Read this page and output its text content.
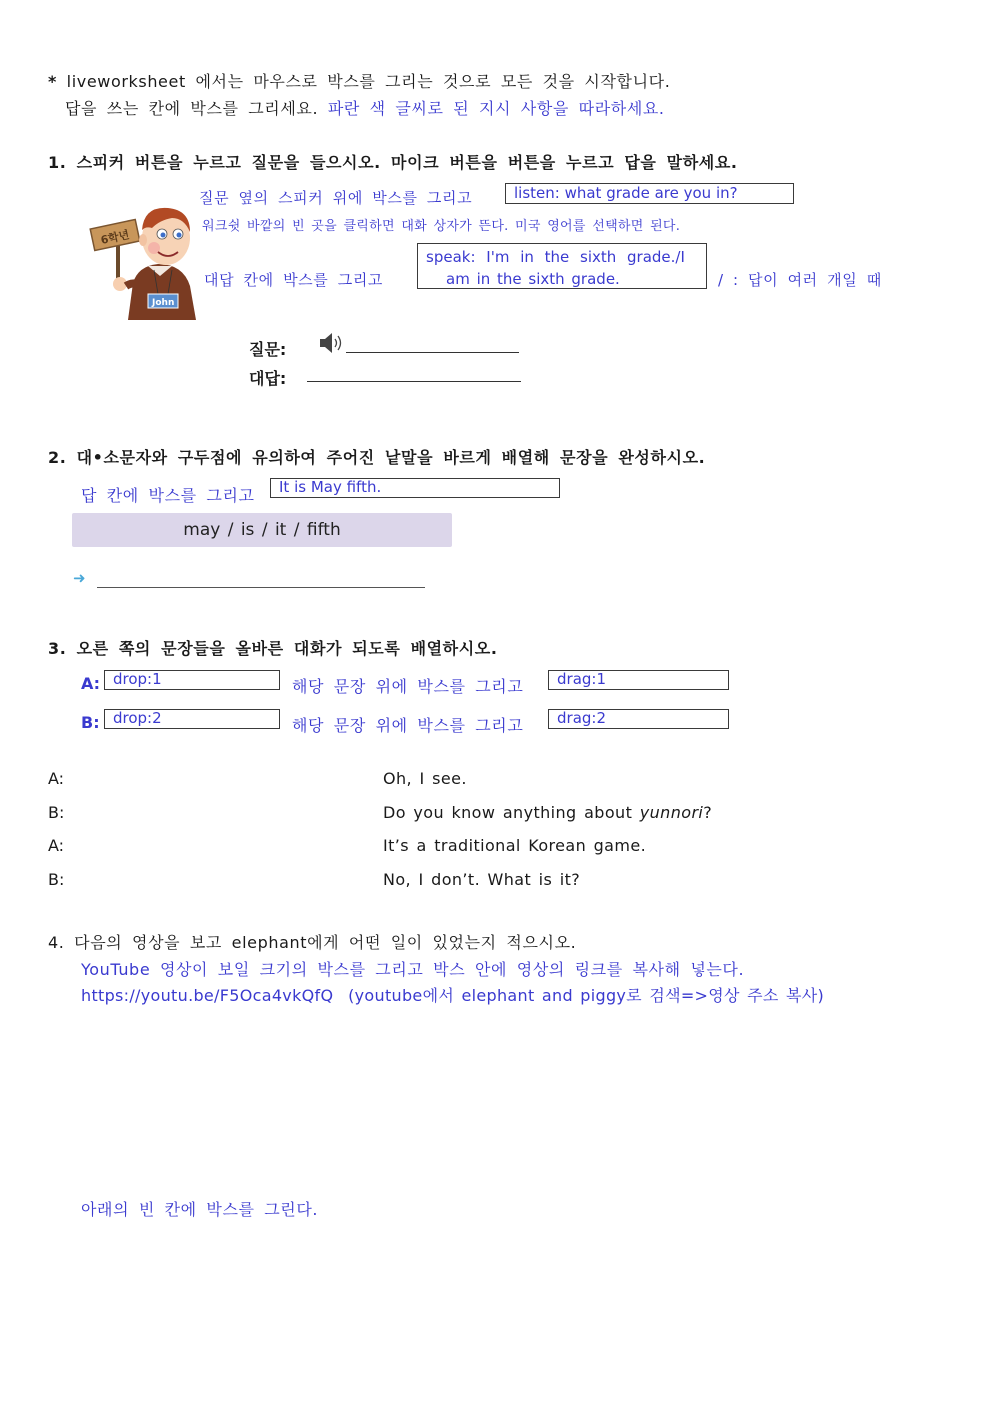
* liveworksheet 에서는 마우스로 박스를 그리는 것으로 모든 것을 시작합니다.
답을 쓰는 칸에 박스를 그리세요. 파란 색 글씨로 된 지시 사항을 따라하세요.
1. 스피커 버튼을 누르고 질문을 들으시오. 마이크 버튼을 버튼을 누르고 답을 말하세요.
6학년
John
질문 옆의 스피커 위에 박스를 그리고	listen: what grade are you in?
워크쉿 바깥의 빈 곳을 클릭하면 대화 상자가 뜬다. 미국 영어를 선택하면 된다.
대답 칸에 박스를 그리고
speak: I'm in the sixth grade./I
am in the sixth grade.	/ : 답이 여러 개일 때
질문:
대답:
2. 대•소문자와 구두점에 유의하여 주어진 낱말을 바르게 배열해 문장을 완성하시오.
답 칸에 박스를 그리고	It is May fifth.
may / is / it / fifth
➜
3. 오른 쪽의 문장들을 올바른 대화가 되도록 배열하시오.
A: drop:1	해당 문장 위에 박스를 그리고	drag:1
B: drop:2	해당 문장 위에 박스를 그리고	drag:2
A:	Oh, I see.
B:	Do you know anything about yunnori?
A:	It’s a traditional Korean game.
B:	No, I don’t. What is it?
4. 다음의 영상을 보고 elephant에게 어떤 일이 있었는지 적으시오.
YouTube 영상이 보일 크기의 박스를 그리고 박스 안에 영상의 링크를 복사해 넣는다.
https://youtu.be/F5Oca4vkQfQ  (youtube에서 elephant and piggy로 검색=>영상 주소 복사)
아래의 빈 칸에 박스를 그린다.
